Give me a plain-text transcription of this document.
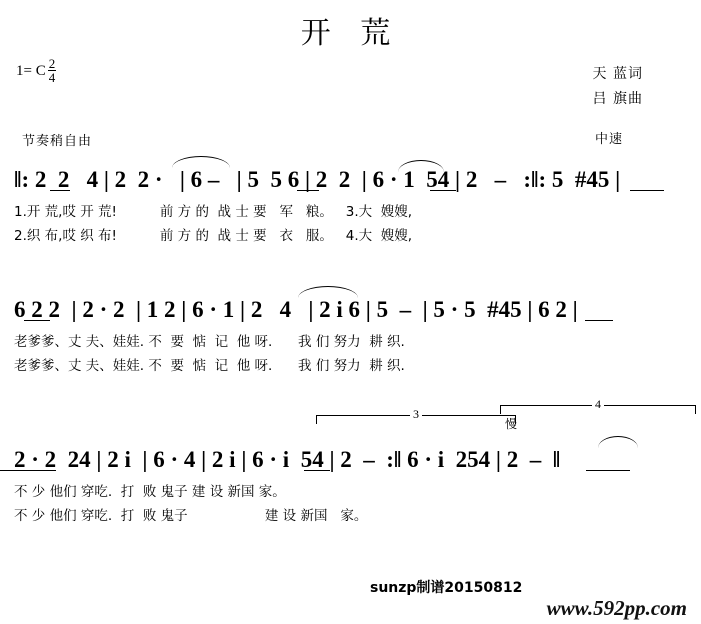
开 荒
1= C $\frac{2}{4}$	天 蓝词
吕 旗曲
中速
节奏稍自由
‖: 2  2   4 | 2  2 ·   | 6 –   | 5  5 6 | 2  2  | 6 · 1  54 | 2   –   :‖: 5  #45 |
1.开 荒,哎 开 荒!          前 方 的  战 士 要   军   粮。   3.大  嫂嫂,
2.织 布,哎 织 布!          前 方 的  战 士 要   衣   服。   4.大  嫂嫂,
6 2 2  | 2 · 2  | 1 2 | 6 · 1 | 2   4   | 2 i 6 | 5  –  | 5 · 5  #45 | 6 2 |
老爹爹、丈 夫、娃娃. 不  要  惦  记  他 呀.      我 们 努力  耕 织.
老爹爹、丈 夫、娃娃. 不  要  惦  记  他 呀.      我 们 努力  耕 织.
3
4
慢
2 · 2  24 | 2 i  | 6 · 4 | 2 i | 6 · i  54 | 2  –  :‖ 6 · i  254 | 2  –  ‖
不 少 他们 穿吃.  打  败 鬼子 建 设 新国 家。
不 少 他们 穿吃.  打  败 鬼子                  建 设 新国   家。
sunzp制谱20150812
www.592pp.com
